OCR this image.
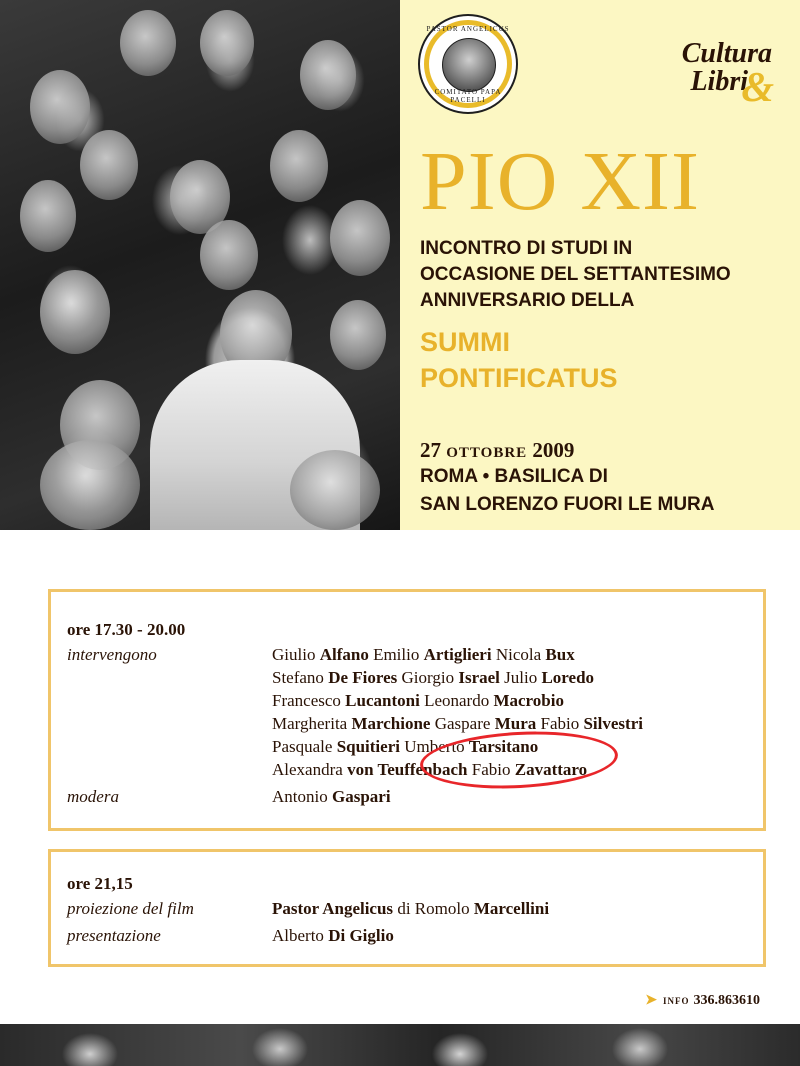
PASTOR ANGELICUS
COMITATO PAPA PACELLI
Cultura
Libri
&
PIO XII
INCONTRO DI STUDI IN
OCCASIONE DEL SETTANTESIMO
ANNIVERSARIO DELLA
SUMMI
PONTIFICATUS
27 OTTOBRE 2009
ROMA • BASILICA DI
SAN LORENZO FUORI LE MURA
ore 17.30 - 20.00
intervengono	Giulio Alfano Emilio Artiglieri Nicola Bux
Stefano De Fiores Giorgio Israel Julio Loredo
Francesco Lucantoni Leonardo Macrobio
Margherita Marchione Gaspare Mura Fabio Silvestri
Pasquale Squitieri Umberto Tarsitano
Alexandra von Teuffenbach Fabio Zavattaro
modera	Antonio Gaspari
ore 21,15
proiezione del film	Pastor Angelicus di Romolo Marcellini
presentazione	Alberto Di Giglio
➤ INFO 336.863610
